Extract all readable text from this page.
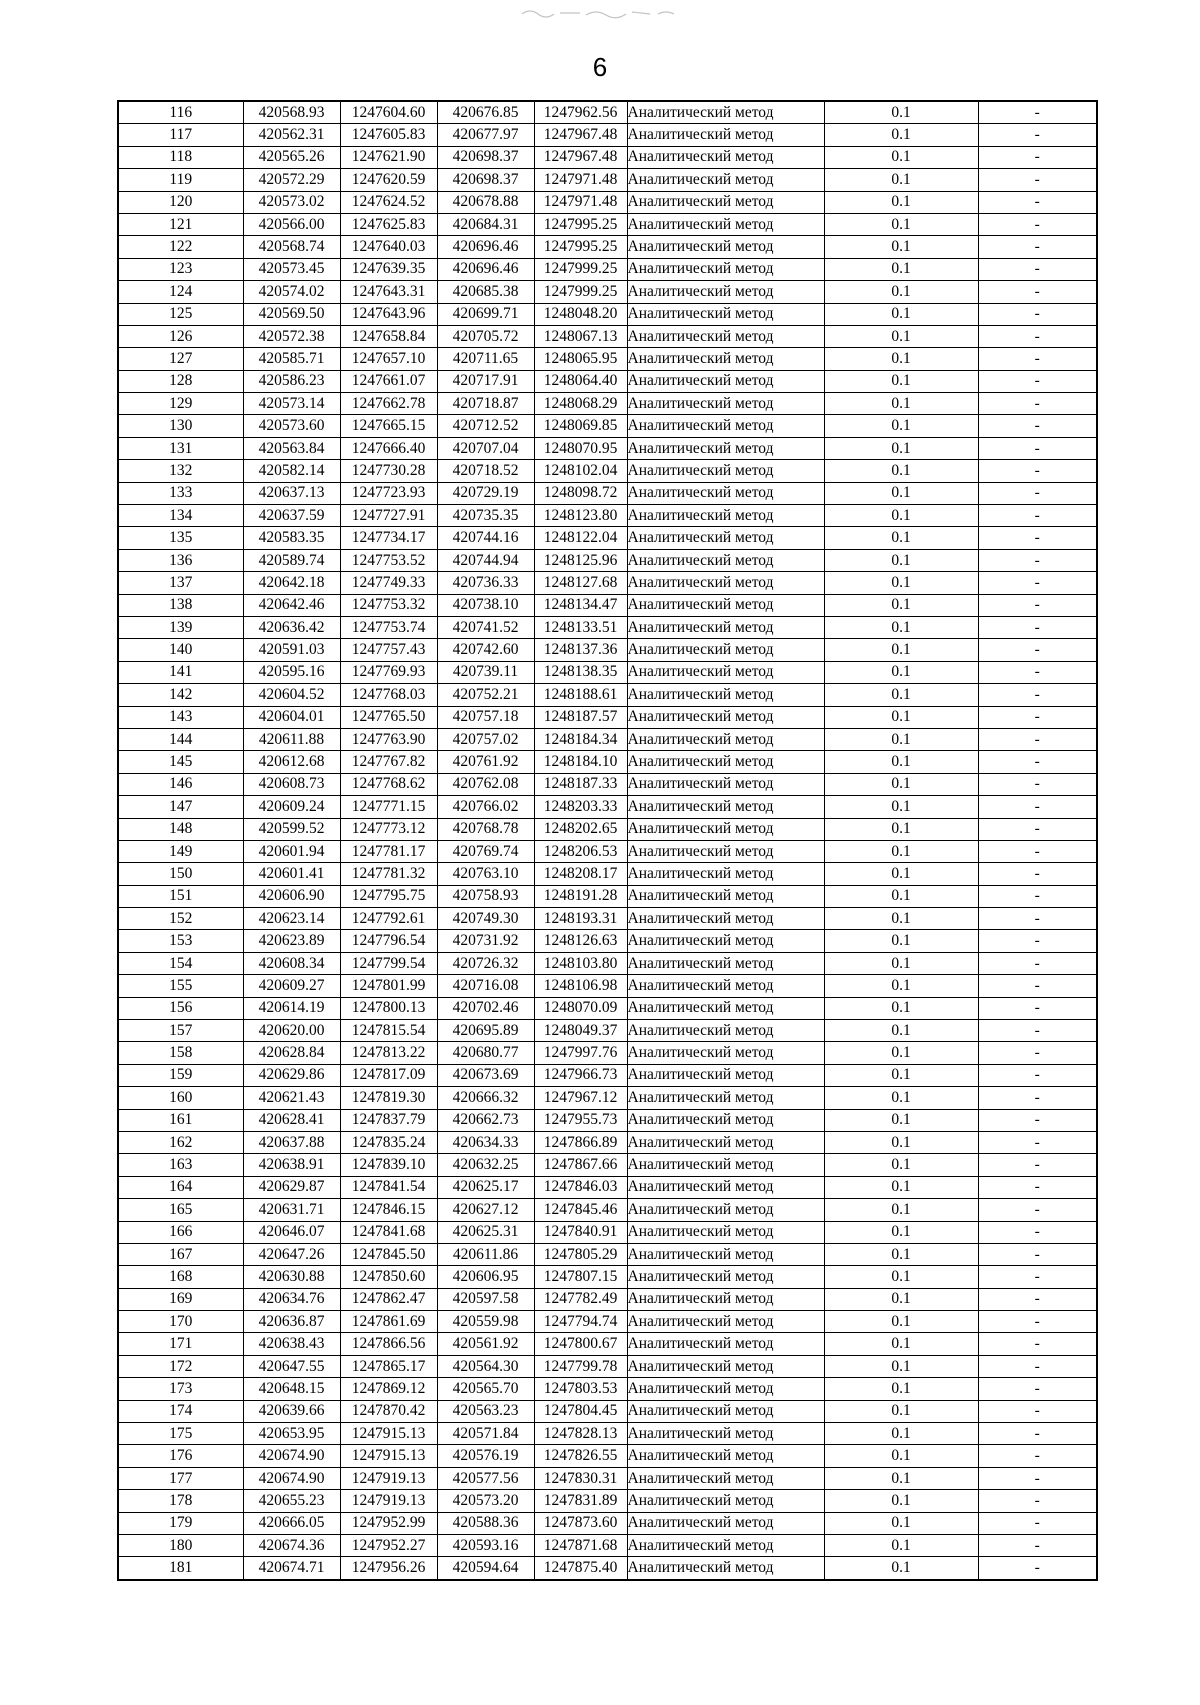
6
116	420568.93	1247604.60	420676.85	1247962.56	Аналитический метод	0.1	-
117	420562.31	1247605.83	420677.97	1247967.48	Аналитический метод	0.1	-
118	420565.26	1247621.90	420698.37	1247967.48	Аналитический метод	0.1	-
119	420572.29	1247620.59	420698.37	1247971.48	Аналитический метод	0.1	-
120	420573.02	1247624.52	420678.88	1247971.48	Аналитический метод	0.1	-
121	420566.00	1247625.83	420684.31	1247995.25	Аналитический метод	0.1	-
122	420568.74	1247640.03	420696.46	1247995.25	Аналитический метод	0.1	-
123	420573.45	1247639.35	420696.46	1247999.25	Аналитический метод	0.1	-
124	420574.02	1247643.31	420685.38	1247999.25	Аналитический метод	0.1	-
125	420569.50	1247643.96	420699.71	1248048.20	Аналитический метод	0.1	-
126	420572.38	1247658.84	420705.72	1248067.13	Аналитический метод	0.1	-
127	420585.71	1247657.10	420711.65	1248065.95	Аналитический метод	0.1	-
128	420586.23	1247661.07	420717.91	1248064.40	Аналитический метод	0.1	-
129	420573.14	1247662.78	420718.87	1248068.29	Аналитический метод	0.1	-
130	420573.60	1247665.15	420712.52	1248069.85	Аналитический метод	0.1	-
131	420563.84	1247666.40	420707.04	1248070.95	Аналитический метод	0.1	-
132	420582.14	1247730.28	420718.52	1248102.04	Аналитический метод	0.1	-
133	420637.13	1247723.93	420729.19	1248098.72	Аналитический метод	0.1	-
134	420637.59	1247727.91	420735.35	1248123.80	Аналитический метод	0.1	-
135	420583.35	1247734.17	420744.16	1248122.04	Аналитический метод	0.1	-
136	420589.74	1247753.52	420744.94	1248125.96	Аналитический метод	0.1	-
137	420642.18	1247749.33	420736.33	1248127.68	Аналитический метод	0.1	-
138	420642.46	1247753.32	420738.10	1248134.47	Аналитический метод	0.1	-
139	420636.42	1247753.74	420741.52	1248133.51	Аналитический метод	0.1	-
140	420591.03	1247757.43	420742.60	1248137.36	Аналитический метод	0.1	-
141	420595.16	1247769.93	420739.11	1248138.35	Аналитический метод	0.1	-
142	420604.52	1247768.03	420752.21	1248188.61	Аналитический метод	0.1	-
143	420604.01	1247765.50	420757.18	1248187.57	Аналитический метод	0.1	-
144	420611.88	1247763.90	420757.02	1248184.34	Аналитический метод	0.1	-
145	420612.68	1247767.82	420761.92	1248184.10	Аналитический метод	0.1	-
146	420608.73	1247768.62	420762.08	1248187.33	Аналитический метод	0.1	-
147	420609.24	1247771.15	420766.02	1248203.33	Аналитический метод	0.1	-
148	420599.52	1247773.12	420768.78	1248202.65	Аналитический метод	0.1	-
149	420601.94	1247781.17	420769.74	1248206.53	Аналитический метод	0.1	-
150	420601.41	1247781.32	420763.10	1248208.17	Аналитический метод	0.1	-
151	420606.90	1247795.75	420758.93	1248191.28	Аналитический метод	0.1	-
152	420623.14	1247792.61	420749.30	1248193.31	Аналитический метод	0.1	-
153	420623.89	1247796.54	420731.92	1248126.63	Аналитический метод	0.1	-
154	420608.34	1247799.54	420726.32	1248103.80	Аналитический метод	0.1	-
155	420609.27	1247801.99	420716.08	1248106.98	Аналитический метод	0.1	-
156	420614.19	1247800.13	420702.46	1248070.09	Аналитический метод	0.1	-
157	420620.00	1247815.54	420695.89	1248049.37	Аналитический метод	0.1	-
158	420628.84	1247813.22	420680.77	1247997.76	Аналитический метод	0.1	-
159	420629.86	1247817.09	420673.69	1247966.73	Аналитический метод	0.1	-
160	420621.43	1247819.30	420666.32	1247967.12	Аналитический метод	0.1	-
161	420628.41	1247837.79	420662.73	1247955.73	Аналитический метод	0.1	-
162	420637.88	1247835.24	420634.33	1247866.89	Аналитический метод	0.1	-
163	420638.91	1247839.10	420632.25	1247867.66	Аналитический метод	0.1	-
164	420629.87	1247841.54	420625.17	1247846.03	Аналитический метод	0.1	-
165	420631.71	1247846.15	420627.12	1247845.46	Аналитический метод	0.1	-
166	420646.07	1247841.68	420625.31	1247840.91	Аналитический метод	0.1	-
167	420647.26	1247845.50	420611.86	1247805.29	Аналитический метод	0.1	-
168	420630.88	1247850.60	420606.95	1247807.15	Аналитический метод	0.1	-
169	420634.76	1247862.47	420597.58	1247782.49	Аналитический метод	0.1	-
170	420636.87	1247861.69	420559.98	1247794.74	Аналитический метод	0.1	-
171	420638.43	1247866.56	420561.92	1247800.67	Аналитический метод	0.1	-
172	420647.55	1247865.17	420564.30	1247799.78	Аналитический метод	0.1	-
173	420648.15	1247869.12	420565.70	1247803.53	Аналитический метод	0.1	-
174	420639.66	1247870.42	420563.23	1247804.45	Аналитический метод	0.1	-
175	420653.95	1247915.13	420571.84	1247828.13	Аналитический метод	0.1	-
176	420674.90	1247915.13	420576.19	1247826.55	Аналитический метод	0.1	-
177	420674.90	1247919.13	420577.56	1247830.31	Аналитический метод	0.1	-
178	420655.23	1247919.13	420573.20	1247831.89	Аналитический метод	0.1	-
179	420666.05	1247952.99	420588.36	1247873.60	Аналитический метод	0.1	-
180	420674.36	1247952.27	420593.16	1247871.68	Аналитический метод	0.1	-
181	420674.71	1247956.26	420594.64	1247875.40	Аналитический метод	0.1	-
